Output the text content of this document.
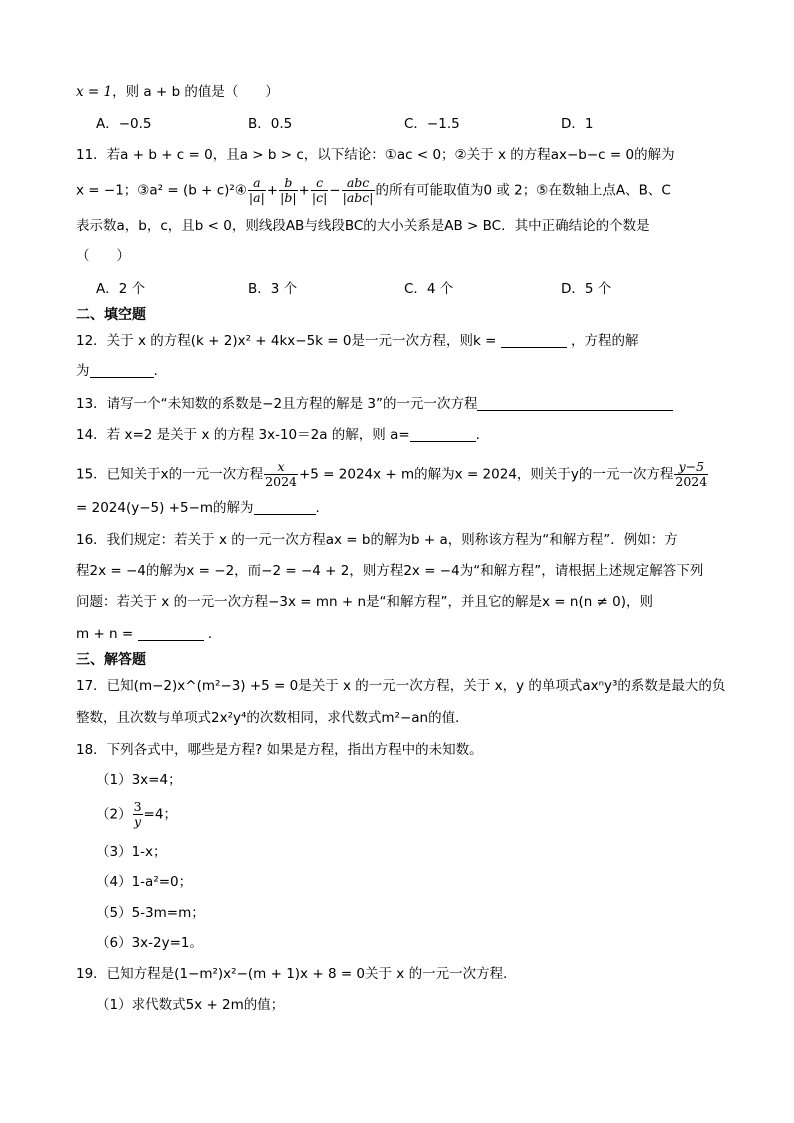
x = 1，则 a + b 的值是（　　）
A．−0.5	B．0.5	C．−1.5	D．1
11．若a + b + c = 0，且a > b > c，以下结论：①ac < 0；②关于 x 的方程ax−b−c = 0的解为
x = −1；③a² = (b + c)²④ $\frac{a}{|a|} + \frac{b}{|b|} + \frac{c}{|c|} - \frac{\text{abc}}{\text{|abc|}}$ 的所有可能取值为0 或 2；⑤在数轴上点A、B、C
表示数a，b，c，且b < 0，则线段AB与线段BC的大小关系是AB > BC．其中正确结论的个数是
（　　）
A．2 个	B．3 个	C．4 个	D．5 个
二、填空题
12．关于 x 的方程(k + 2)x² + 4kx−5k = 0是一元一次方程，则k =	，方程的解
为	.
13．请写一个“未知数的系数是−2且方程的解是 3”的一元一次方程
14．若 x=2 是关于 x 的方程 3x-10＝2a 的解，则 a=	.
15．已知关于x的一元一次方程 $\frac{x}{2024} +5 = 2024x + m$的解为x = 2024，则关于y的一元一次方程 $\frac{y-5}{2024}$
= 2024(y−5) +5−m的解为	.
16．我们规定：若关于 x 的一元一次方程ax = b的解为b + a，则称该方程为“和解方程”．例如：方
程2x = −4的解为x = −2，而−2 = −4 + 2，则方程2x = −4为“和解方程”，请根据上述规定解答下列
问题：若关于 x 的一元一次方程−3x = mn + n是“和解方程”，并且它的解是x = n(n ≠ 0)，则
m + n =	.
三、解答题
17．已知(m−2)x^(m²−3) +5 = 0是关于 x 的一元一次方程，关于 x，y 的单项式axⁿy³的系数是最大的负
整数，且次数与单项式2x²y⁴的次数相同，求代数式m²−an的值．
18．下列各式中，哪些是方程? 如果是方程，指出方程中的未知数。
（1）3x=4；
$(2) \frac{3}{y} =4$；
（3）1-x；
（4）1-a²=0；
（5）5-3m=m；
（6）3x-2y=1。
19．已知方程是(1−m²)x²−(m + 1)x + 8 = 0关于 x 的一元一次方程．
（1）求代数式5x + 2m的值；
